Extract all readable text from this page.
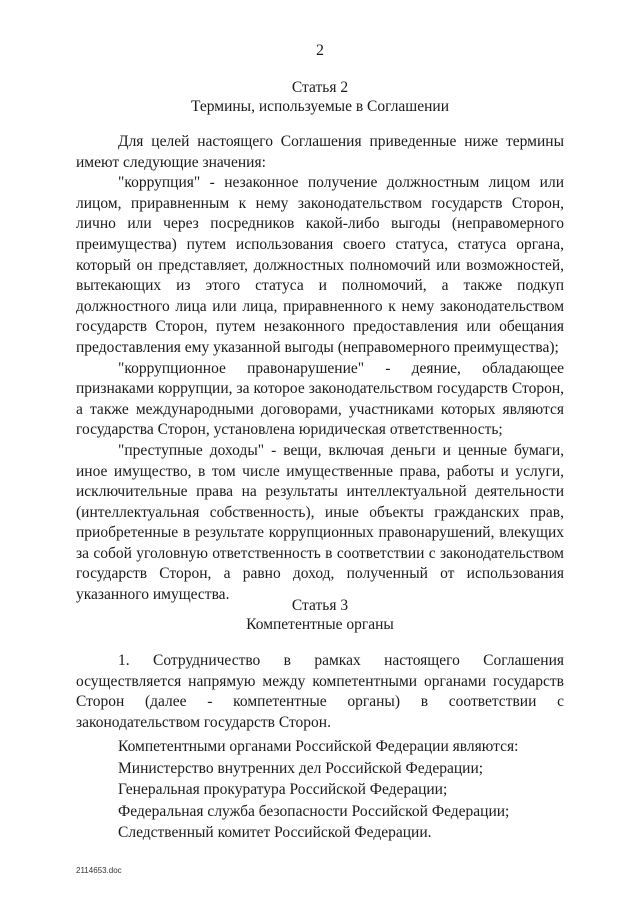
2
Статья 2
Термины, используемые в Соглашении

Для целей настоящего Соглашения приведенные ниже термины имеют следующие значения:

"коррупция" - незаконное получение должностным лицом или лицом, приравненным к нему законодательством государств Сторон, лично или через посредников какой-либо выгоды (неправомерного преимущества) путем использования своего статуса, статуса органа, который он представляет, должностных полномочий или возможностей, вытекающих из этого статуса и полномочий, а также подкуп должностного лица или лица, приравненного к нему законодательством государств Сторон, путем незаконного предоставления или обещания предоставления ему указанной выгоды (неправомерного преимущества);

"коррупционное правонарушение" - деяние, обладающее признаками коррупции, за которое законодательством государств Сторон, а также международными договорами, участниками которых являются государства Сторон, установлена юридическая ответственность;

"преступные доходы" - вещи, включая деньги и ценные бумаги, иное имущество, в том числе имущественные права, работы и услуги, исключительные права на результаты интеллектуальной деятельности (интеллектуальная собственность), иные объекты гражданских прав, приобретенные в результате коррупционных правонарушений, влекущих за собой уголовную ответственность в соответствии с законодательством государств Сторон, а равно доход, полученный от использования указанного имущества.

Статья 3
Компетентные органы

1. Сотрудничество в рамках настоящего Соглашения осуществляется напрямую между компетентными органами государств Сторон (далее - компетентные органы) в соответствии с законодательством государств Сторон.

Компетентными органами Российской Федерации являются:

Министерство внутренних дел Российской Федерации;

Генеральная прокуратура Российской Федерации;

Федеральная служба безопасности Российской Федерации;

Следственный комитет Российской Федерации.

2114653.doc
